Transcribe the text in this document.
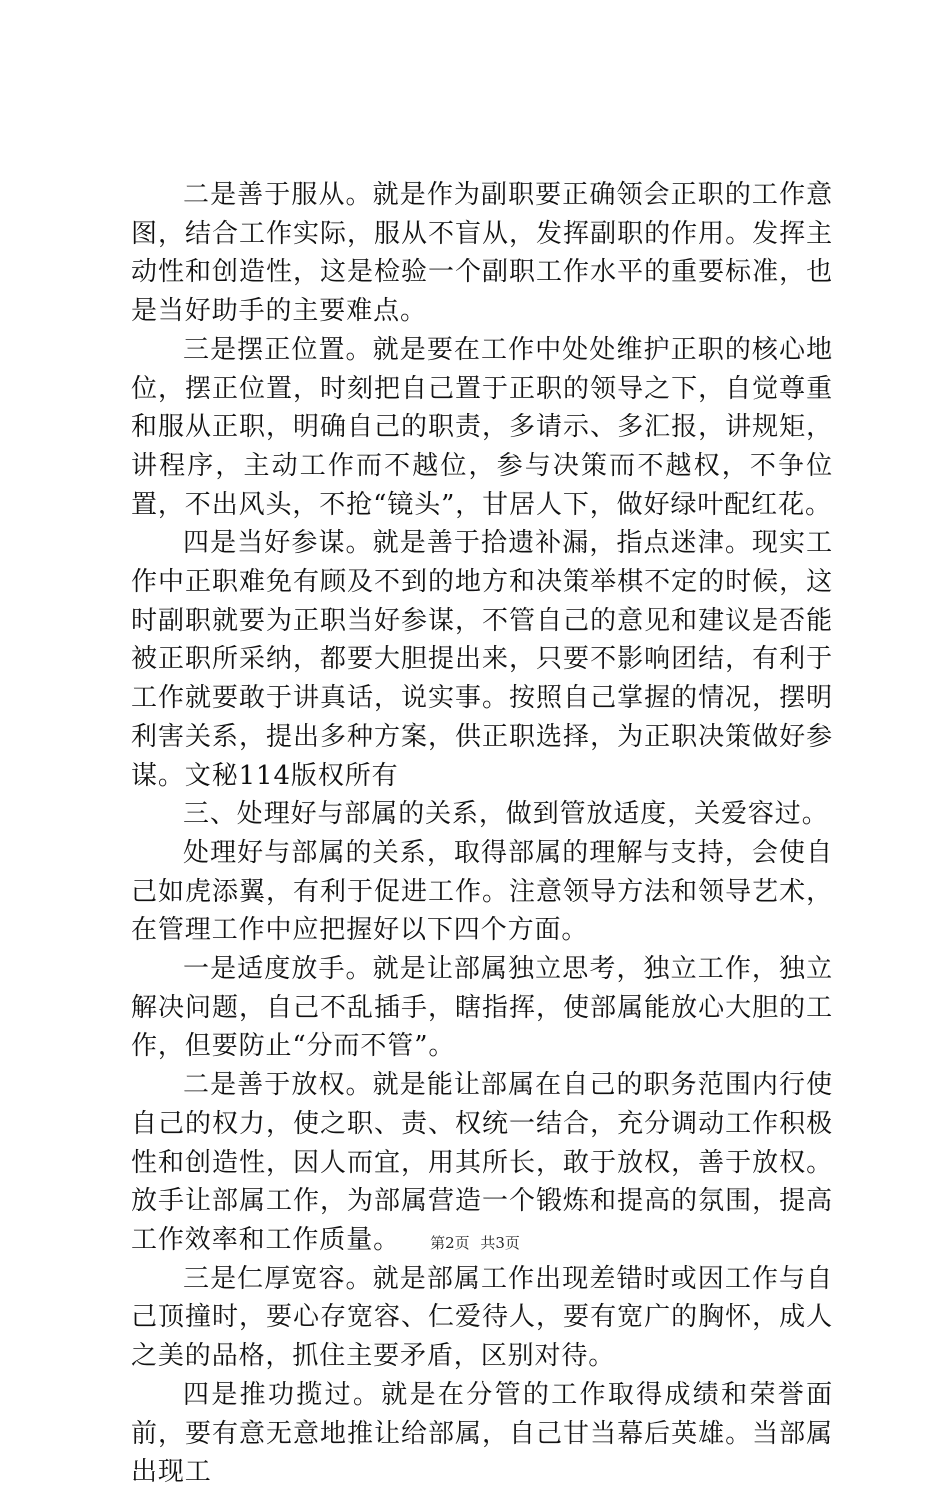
二是善于服从。就是作为副职要正确领会正职的工作意图，结合工作实际，服从不盲从，发挥副职的作用。发挥主动性和创造性，这是检验一个副职工作水平的重要标准，也是当好助手的主要难点。

三是摆正位置。就是要在工作中处处维护正职的核心地位，摆正位置，时刻把自己置于正职的领导之下，自觉尊重和服从正职，明确自己的职责，多请示、多汇报，讲规矩，讲程序，主动工作而不越位，参与决策而不越权，不争位置，不出风头，不抢“镜头”，甘居人下，做好绿叶配红花。

四是当好参谋。就是善于拾遗补漏，指点迷津。现实工作中正职难免有顾及不到的地方和决策举棋不定的时候，这时副职就要为正职当好参谋，不管自己的意见和建议是否能被正职所采纳，都要大胆提出来，只要不影响团结，有利于工作就要敢于讲真话，说实事。按照自己掌握的情况，摆明利害关系，提出多种方案，供正职选择，为正职决策做好参谋。文秘114版权所有

三、处理好与部属的关系，做到管放适度，关爱容过。

处理好与部属的关系，取得部属的理解与支持，会使自己如虎添翼，有利于促进工作。注意领导方法和领导艺术，在管理工作中应把握好以下四个方面。

一是适度放手。就是让部属独立思考，独立工作，独立解决问题，自己不乱插手，瞎指挥，使部属能放心大胆的工作，但要防止“分而不管”。

二是善于放权。就是能让部属在自己的职务范围内行使自己的权力，使之职、责、权统一结合，充分调动工作积极性和创造性，因人而宜，用其所长，敢于放权，善于放权。放手让部属工作，为部属营造一个锻炼和提高的氛围，提高工作效率和工作质量。

三是仁厚宽容。就是部属工作出现差错时或因工作与自己顶撞时，要心存宽容、仁爱待人，要有宽广的胸怀，成人之美的品格，抓住主要矛盾，区别对待。

四是推功揽过。就是在分管的工作取得成绩和荣誉面前，要有意无意地推让给部属，自己甘当幕后英雄。当部属出现工

第2页 共3页
